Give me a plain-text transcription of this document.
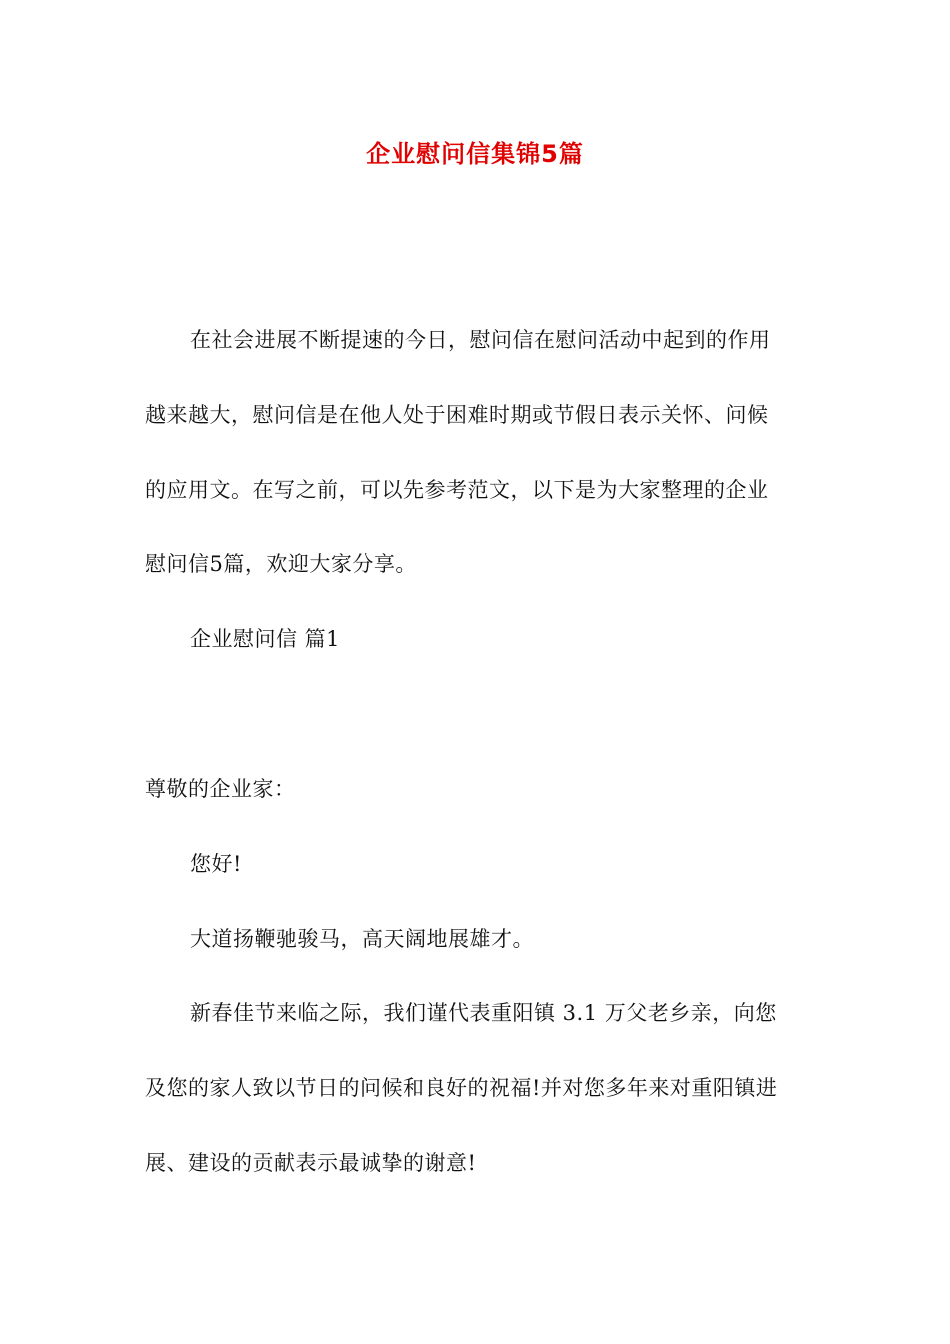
企业慰问信集锦5篇
在社会进展不断提速的今日，慰问信在慰问活动中起到的作用
越来越大，慰问信是在他人处于困难时期或节假日表示关怀、问候
的应用文。在写之前，可以先参考范文，以下是为大家整理的企业
慰问信5篇，欢迎大家分享。
企业慰问信 篇1
尊敬的企业家：
您好!
大道扬鞭驰骏马，高天阔地展雄才。
新春佳节来临之际，我们谨代表重阳镇 3.1 万父老乡亲，向您
及您的家人致以节日的问候和良好的祝福!并对您多年来对重阳镇进
展、建设的贡献表示最诚挚的谢意!
